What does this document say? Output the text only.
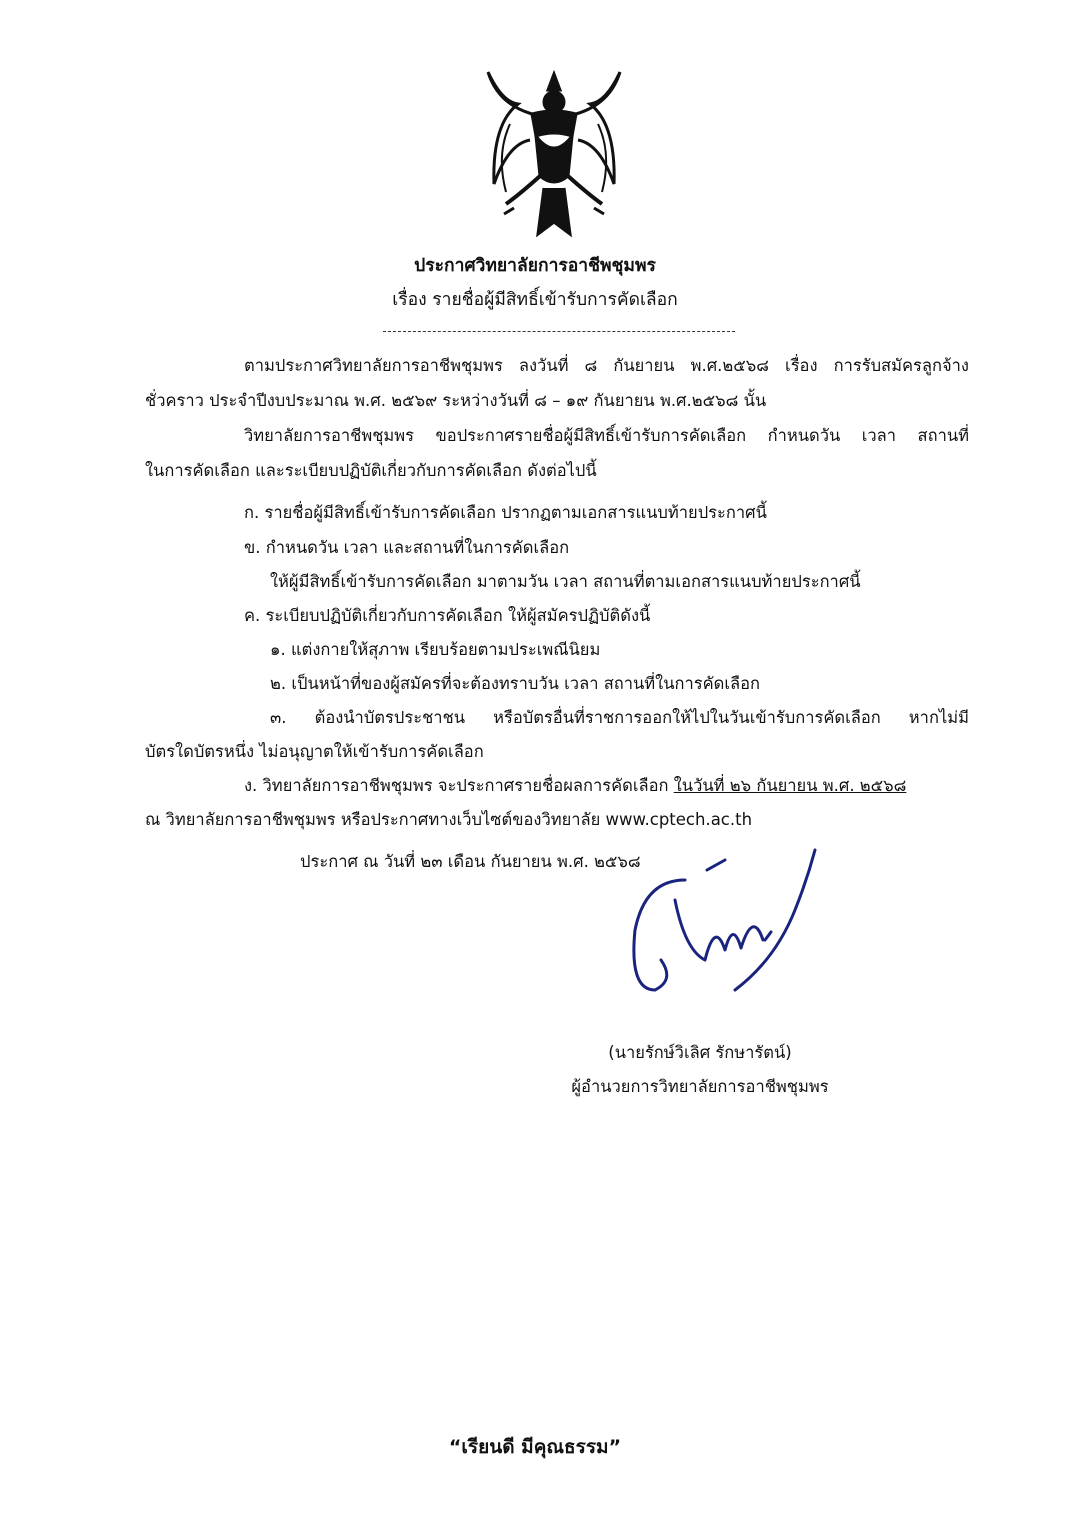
ประกาศวิทยาลัยการอาชีพชุมพร
เรื่อง รายชื่อผู้มีสิทธิ์เข้ารับการคัดเลือก
ตามประกาศวิทยาลัยการอาชีพชุมพร ลงวันที่ ๘ กันยายน พ.ศ.๒๕๖๘ เรื่อง การรับสมัครลูกจ้าง
ชั่วคราว ประจำปีงบประมาณ พ.ศ. ๒๕๖๙ ระหว่างวันที่ ๘ – ๑๙ กันยายน พ.ศ.๒๕๖๘ นั้น
วิทยาลัยการอาชีพชุมพร ขอประกาศรายชื่อผู้มีสิทธิ์เข้ารับการคัดเลือก กำหนดวัน เวลา สถานที่
ในการคัดเลือก และระเบียบปฏิบัติเกี่ยวกับการคัดเลือก ดังต่อไปนี้
ก. รายชื่อผู้มีสิทธิ์เข้ารับการคัดเลือก ปรากฏตามเอกสารแนบท้ายประกาศนี้
ข. กำหนดวัน เวลา และสถานที่ในการคัดเลือก
ให้ผู้มีสิทธิ์เข้ารับการคัดเลือก มาตามวัน เวลา สถานที่ตามเอกสารแนบท้ายประกาศนี้
ค. ระเบียบปฏิบัติเกี่ยวกับการคัดเลือก ให้ผู้สมัครปฏิบัติดังนี้
๑. แต่งกายให้สุภาพ เรียบร้อยตามประเพณีนิยม
๒. เป็นหน้าที่ของผู้สมัครที่จะต้องทราบวัน เวลา สถานที่ในการคัดเลือก
๓. ต้องนำบัตรประชาชน หรือบัตรอื่นที่ราชการออกให้ไปในวันเข้ารับการคัดเลือก หากไม่มี
บัตรใดบัตรหนึ่ง ไม่อนุญาตให้เข้ารับการคัดเลือก
ง. วิทยาลัยการอาชีพชุมพร จะประกาศรายชื่อผลการคัดเลือก ในวันที่ ๒๖ กันยายน พ.ศ. ๒๕๖๘
ณ วิทยาลัยการอาชีพชุมพร หรือประกาศทางเว็บไซต์ของวิทยาลัย www.cptech.ac.th
ประกาศ ณ วันที่ ๒๓ เดือน กันยายน พ.ศ. ๒๕๖๘
(นายรักษ์วิเลิศ รักษารัตน์)
ผู้อำนวยการวิทยาลัยการอาชีพชุมพร
“เรียนดี มีคุณธรรม”
